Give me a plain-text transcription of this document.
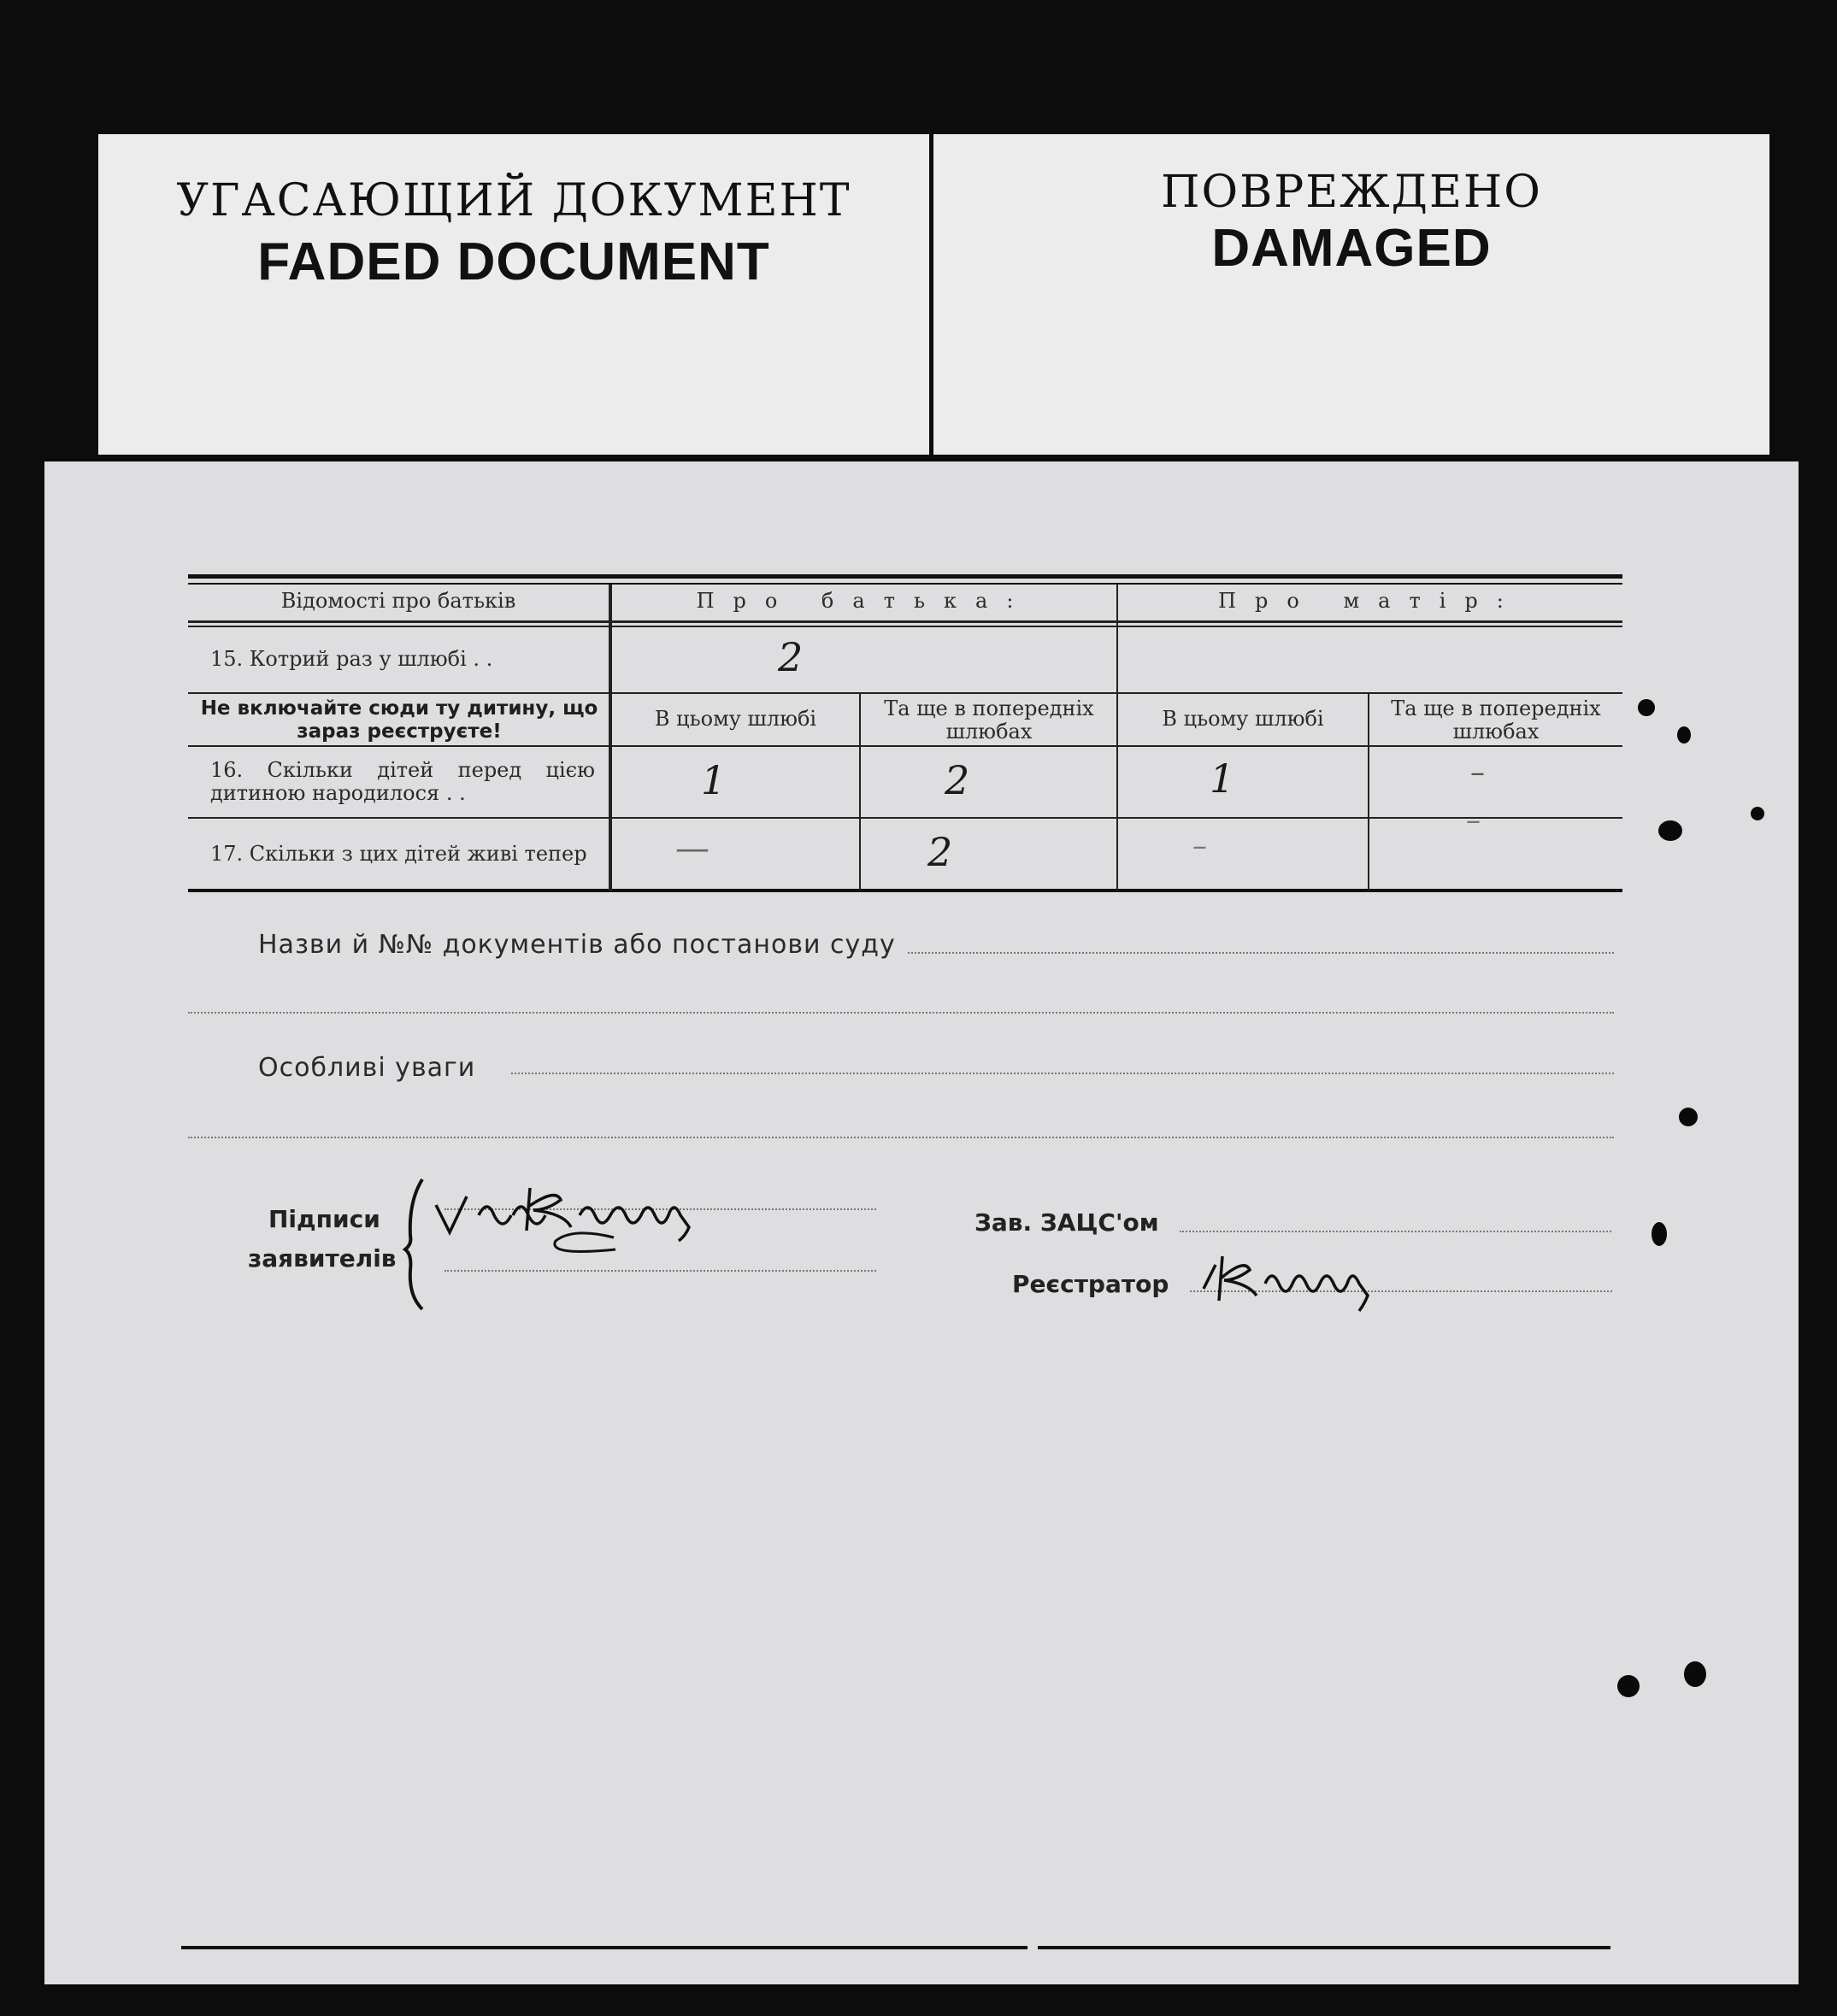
УГАСАЮЩИЙ ДОКУМЕНТ
FADED DOCUMENT
ПОВРЕЖДЕНО
DAMAGED
Відомості про батьків	Про батька:	Про матір:
15. Котрий раз у шлюбі . .	2
Не включайте сюди ту дитину, що зараз реєструєте!
В цьому шлюбі	Та ще в попередніх шлюбах
В цьому шлюбі	Та ще в попередніх шлюбах
16. Скільки дітей перед цією дитиною народилося . .	1	2	1	–
17. Скільки з цих дітей живі тепер	—	2	–
–
Назви й №№ документів або постанови суду
Особливі уваги
Підписи
заявителів
Зав. ЗАЦС'ом
Реєстратор
